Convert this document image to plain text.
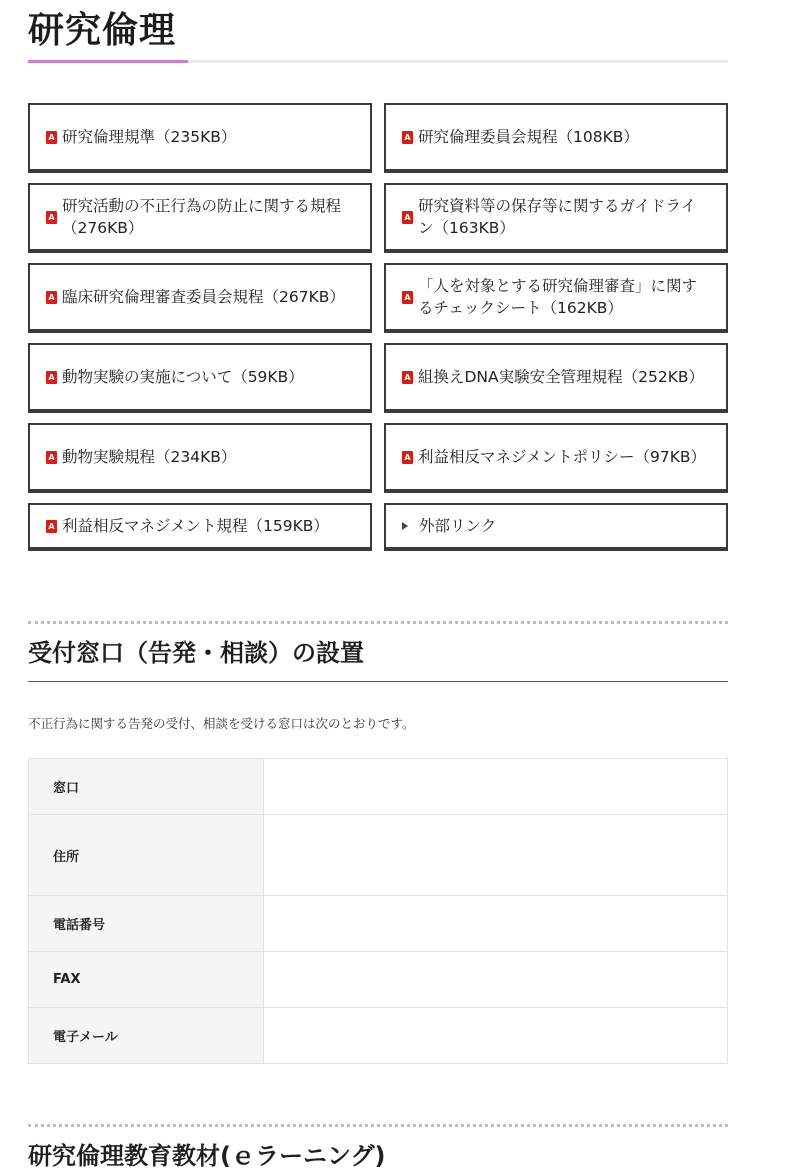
研究倫理
A 研究倫理規準（235KB）	A 研究倫理委員会規程（108KB）
A
研究活動の不正行為の防止に関する規程（276KB）
A
研究資料等の保存等に関するガイドライン（163KB）
A 臨床研究倫理審査委員会規程（267KB）	A
「人を対象とする研究倫理審査」に関するチェックシート（162KB）
A 動物実験の実施について（59KB）	A 組換えDNA実験安全管理規程（252KB）
A 動物実験規程（234KB）	A 利益相反マネジメントポリシー（97KB）
A 利益相反マネジメント規程（159KB）	外部リンク
受付窓口（告発・相談）の設置

不正行為に関する告発の受付、相談を受ける窓口は次のとおりです。

窓口	
住所	
電話番号	
FAX	
電子メール	
研究倫理教育教材(ｅラーニング)
